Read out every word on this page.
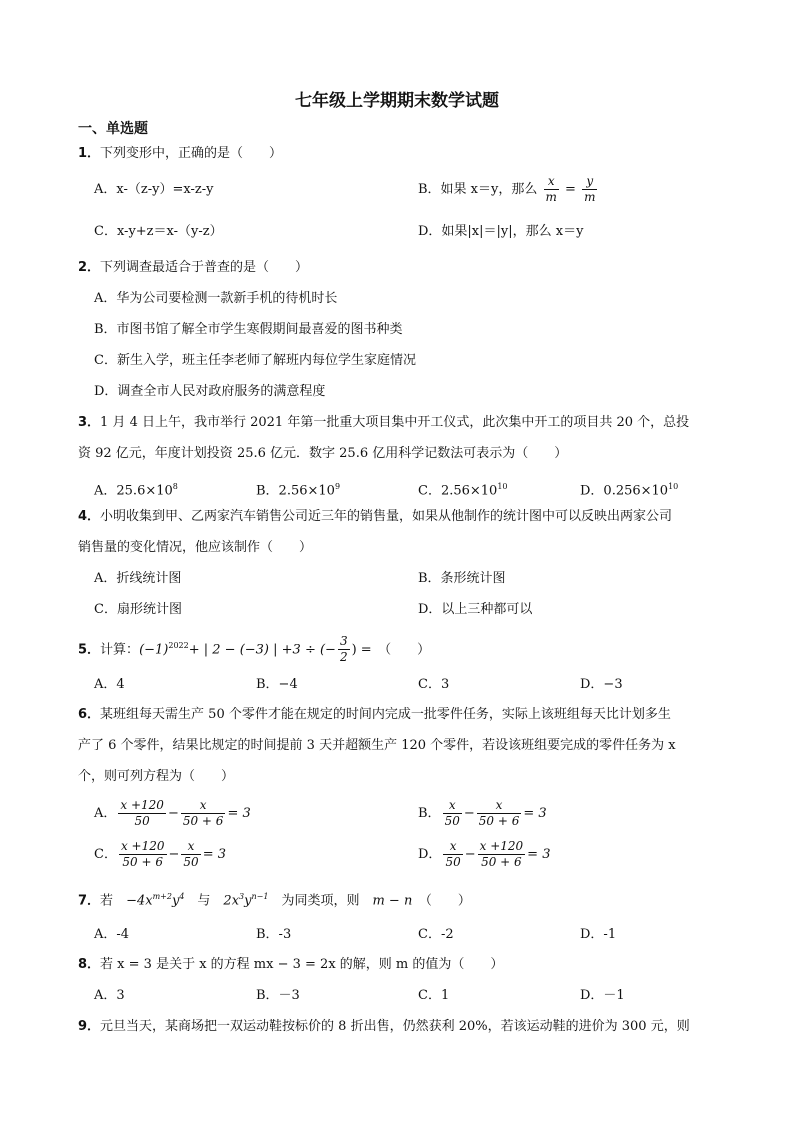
七年级上学期期末数学试题
一、单选题
1．下列变形中，正确的是（　　）
A．x-（z-y）=x-z-y	B．如果 x＝y，那么 $\frac{x}{m} = \frac{y}{m}$
C．x-y+z＝x-（y-z）	D．如果|x|＝|y|，那么 x＝y
2．下列调查最适合于普查的是（　　）
A．华为公司要检测一款新手机的待机时长
B．市图书馆了解全市学生寒假期间最喜爱的图书种类
C．新生入学，班主任李老师了解班内每位学生家庭情况
D．调查全市人民对政府服务的满意程度
3．1 月 4 日上午，我市举行 2021 年第一批重大项目集中开工仪式，此次集中开工的项目共 20 个，总投
资 92 亿元，年度计划投资 25.6 亿元．数字 25.6 亿用科学记数法可表示为（　　）
A．$25.6\times 10^8$	B．$2.56\times 10^9$	C．$2.56\times 10^{10}$	D．$0.256\times 10^{10}$
4．小明收集到甲、乙两家汽车销售公司近三年的销售量，如果从他制作的统计图中可以反映出两家公司
销售量的变化情况，他应该制作（　　）
A．折线统计图	B．条形统计图
C．扇形统计图	D．以上三种都可以
5．计算：$(-1)^{2022}+$ | 2 − (−3) | +3 ÷ (− $\frac{3}{2}$ ) =　（　　）
A．4	B．−4	C．3	D．−3
6．某班组每天需生产 50 个零件才能在规定的时间内完成一批零件任务，实际上该班组每天比计划多生
产了 6 个零件，结果比规定的时间提前 3 天并超额生产 120 个零件，若设该班组要完成的零件任务为 x
个，则可列方程为（　　）
A． $\frac{x +120}{50} - \frac{x}{50 + 6} = 3$	B． $\frac{x}{50} - \frac{x}{50 + 6} = 3$
C． $\frac{x +120}{50 + 6} - \frac{x}{50} = 3$	D． $\frac{x}{50} - \frac{x +120}{50 + 6} = 3$
7．若　$-4x^{m+2}y^4$　与　$2x^3y^{n-1}$　为同类项，则　m − n　（　　）
A．-4	B．-3	C．-2	D．-1
8．若 x = 3 是关于 x 的方程 mx − 3 = 2x 的解，则 m 的值为（　　）
A．3	B．－3	C．1	D．－1
9．元旦当天，某商场把一双运动鞋按标价的 8 折出售，仍然获利 20%，若该运动鞋的进价为 300 元，则
